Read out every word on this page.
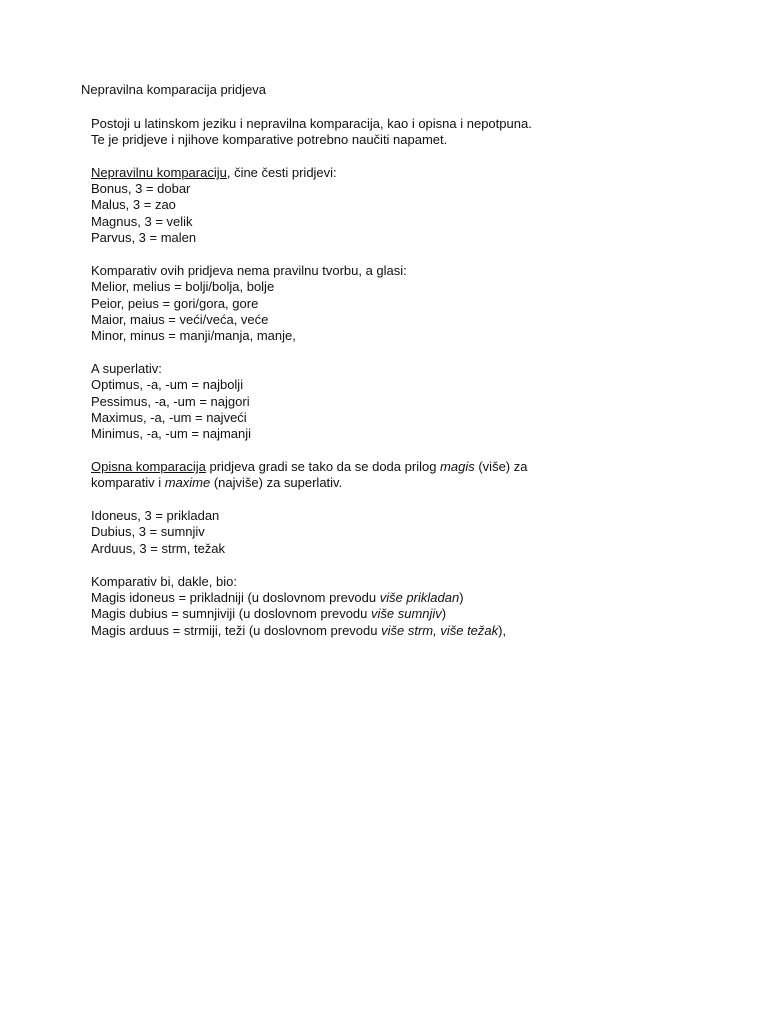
Nepravilna komparacija pridjeva
Postoji u latinskom jeziku i nepravilna komparacija, kao i opisna i nepotpuna.
Te je pridjeve i njihove komparative potrebno naučiti napamet.
Nepravilnu komparaciju, čine česti pridjevi:
Bonus, 3 = dobar
Malus, 3 = zao
Magnus, 3 = velik
Parvus, 3 = malen
Komparativ ovih pridjeva nema pravilnu tvorbu, a glasi:
Melior, melius = bolji/bolja, bolje
Peior, peius = gori/gora, gore
Maior, maius = veći/veća, veće
Minor, minus = manji/manja, manje,
A superlativ:
Optimus, -a, -um = najbolji
Pessimus, -a, -um = najgori
Maximus, -a, -um = najveći
Minimus, -a, -um = najmanji
Opisna komparacija pridjeva gradi se tako da se doda prilog magis (više) za
komparativ i maxime (najviše) za superlativ.
Idoneus, 3 = prikladan
Dubius, 3 = sumnjiv
Arduus, 3 = strm, težak
Komparativ bi, dakle, bio:
Magis idoneus = prikladniji (u doslovnom prevodu više prikladan)
Magis dubius = sumnjiviji (u doslovnom prevodu više sumnjiv)
Magis arduus = strmiji, teži (u doslovnom prevodu više strm, više težak),
